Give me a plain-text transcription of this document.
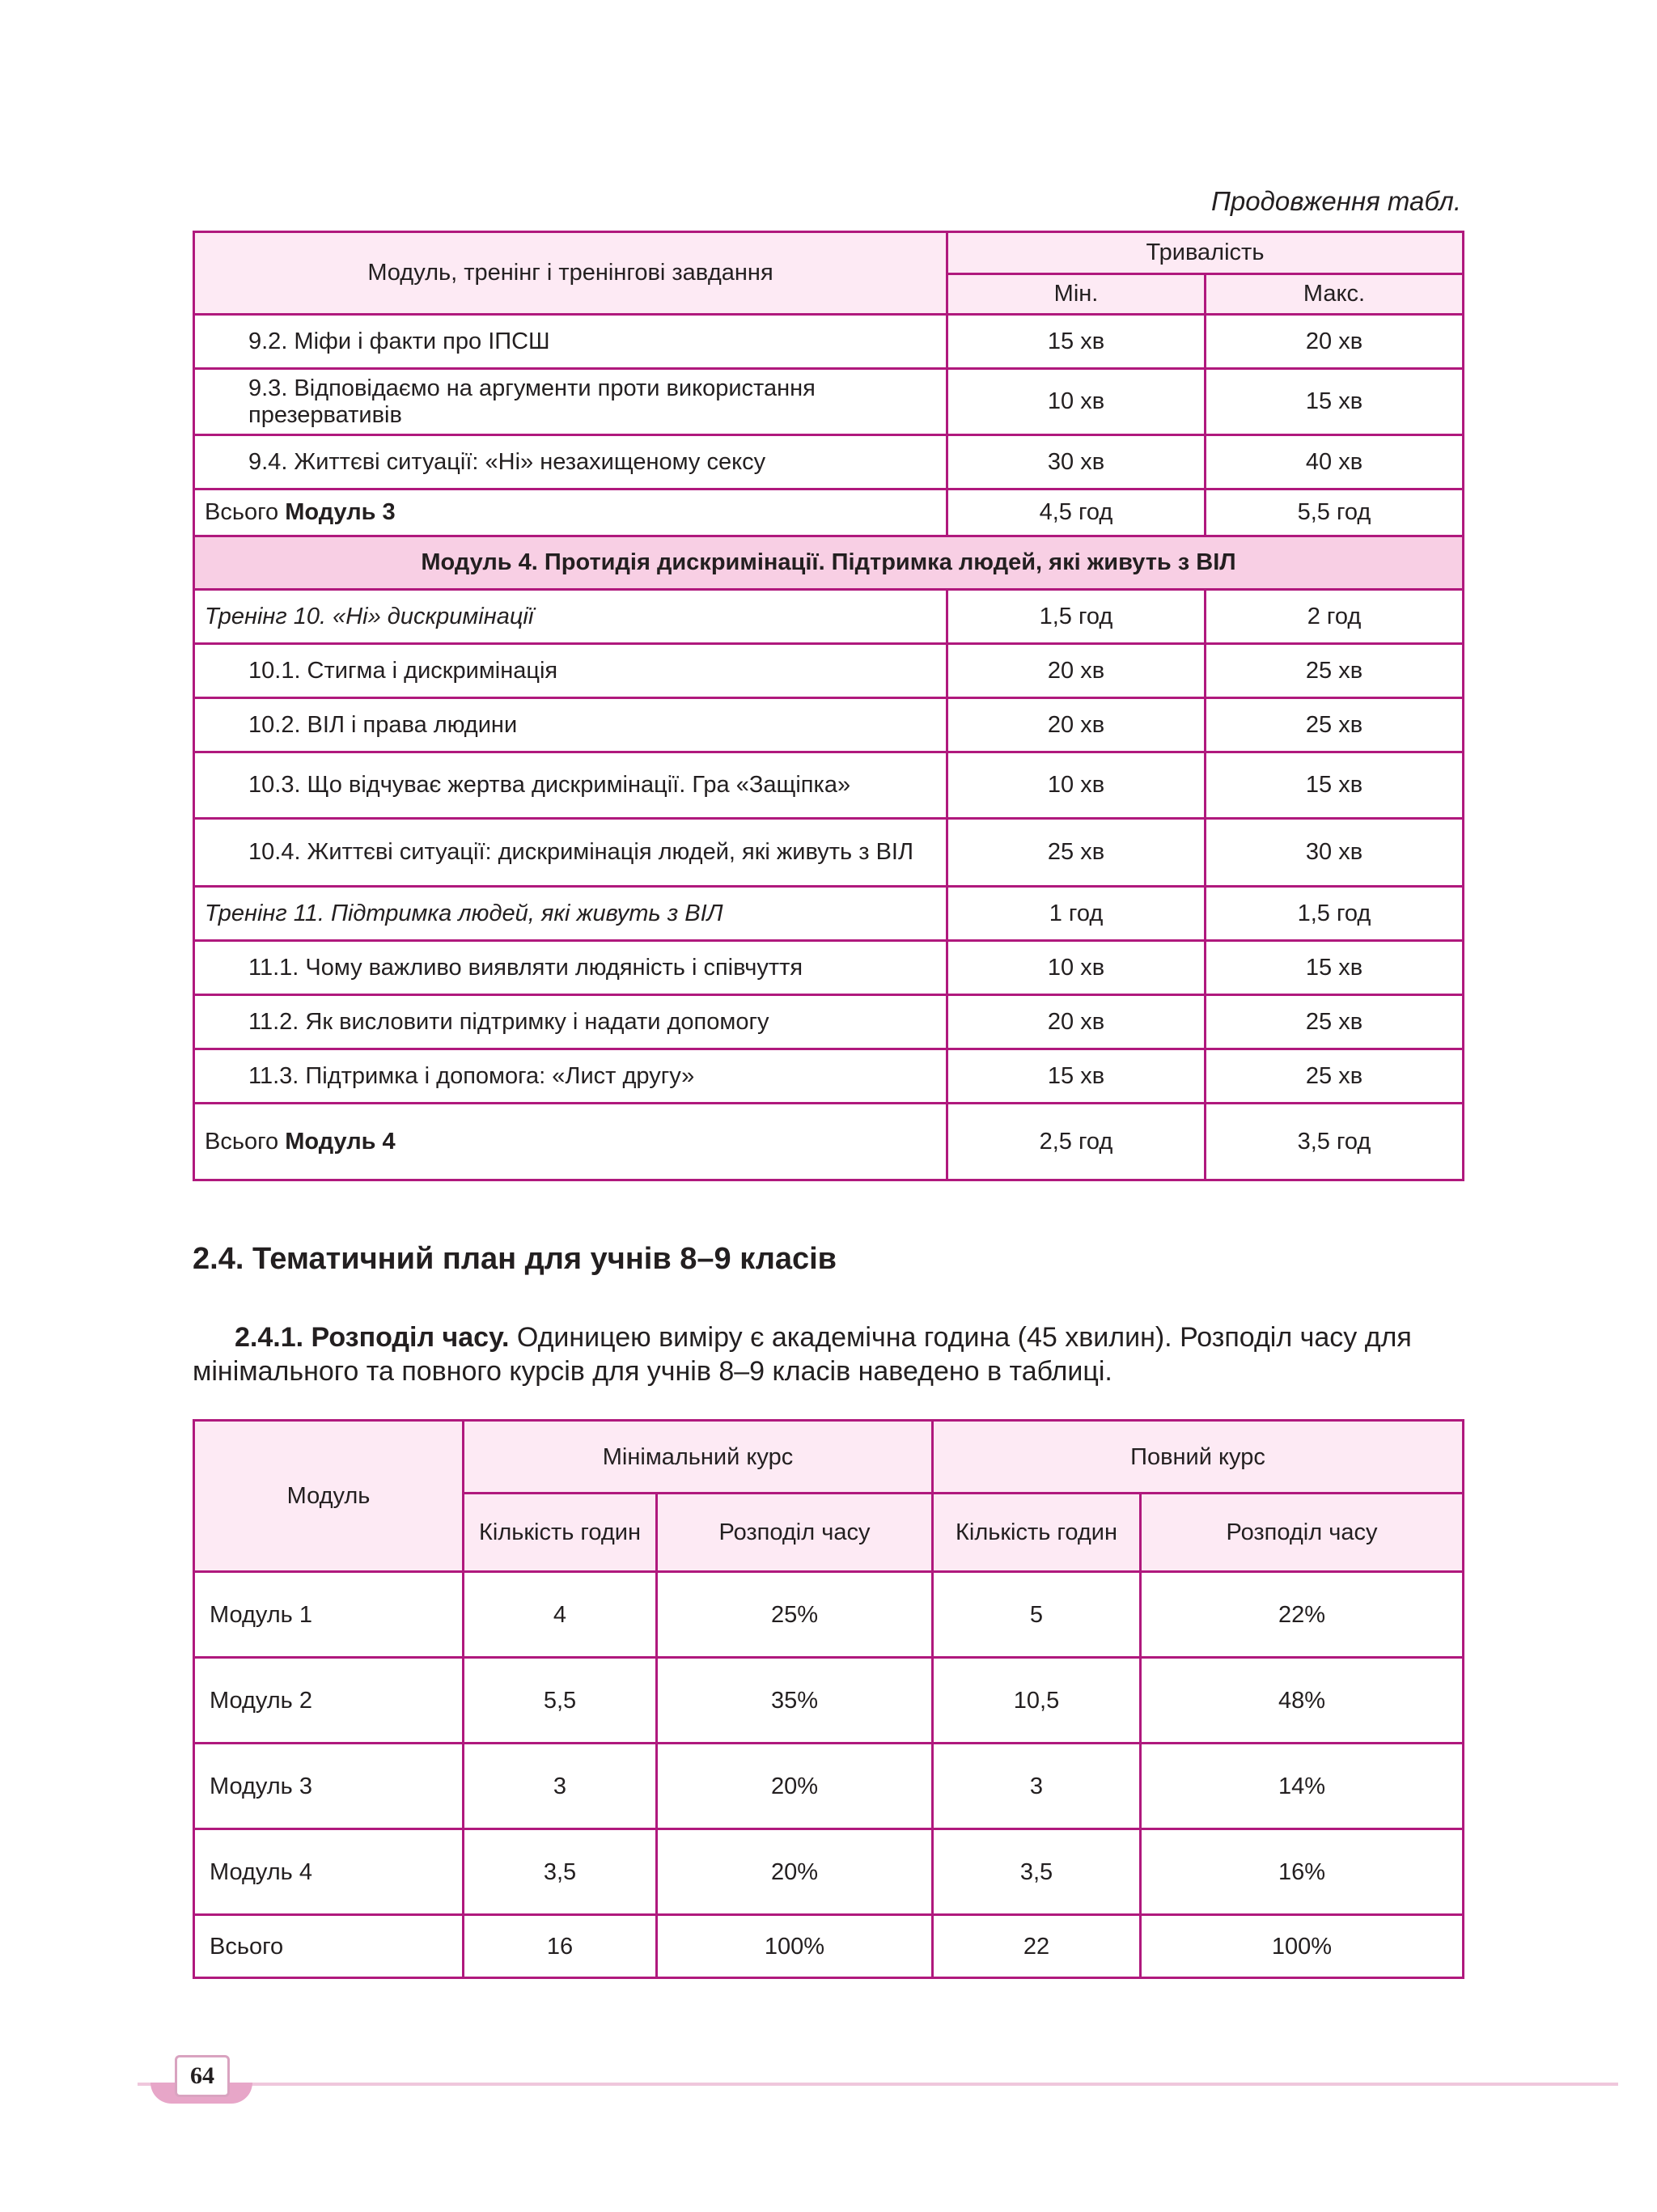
Продовження табл.
Модуль, тренінг і тренінгові завдання	Тривалість	
	Мін.	Макс.
9.2. Міфи і факти про ІПСШ	15 хв	20 хв
9.3. Відповідаємо на аргументи проти використання презервативів	10 хв	15 хв
9.4. Життєві ситуації: «Ні» незахищеному сексу	30 хв	40 хв
Всього Модуль 3	4,5 год	5,5 год
Модуль 4. Протидія дискримінації. Підтримка людей, які живуть з ВІЛ		
Тренінг 10. «Ні» дискримінації	1,5 год	2 год
10.1. Стигма і дискримінація	20 хв	25 хв
10.2. ВІЛ і права людини	20 хв	25 хв
10.3. Що відчуває жертва дискримінації. Гра «Защіпка»	10 хв	15 хв
10.4. Життєві ситуації: дискримінація людей, які живуть з ВІЛ	25 хв	30 хв
Тренінг 11. Підтримка людей, які живуть з ВІЛ	1 год	1,5 год
11.1. Чому важливо виявляти людяність і співчуття	10 хв	15 хв
11.2. Як висловити підтримку і надати допомогу	20 хв	25 хв
11.3. Підтримка і допомога: «Лист другу»	15 хв	25 хв
Всього Модуль 4	2,5 год	3,5 год
2.4. Тематичний план для учнів 8–9 класів

2.4.1. Розподіл часу. Одиницею виміру є академічна година (45 хвилин). Розподіл часу для мінімального та повного курсів для учнів 8–9 класів наведено в таблиці.

Модуль	Мінімальний курс		Повний курс	
	Кількість годин	Розподіл часу	Кількість годин	Розподіл часу
Модуль 1	4	25%	5	22%
Модуль 2	5,5	35%	10,5	48%
Модуль 3	3	20%	3	14%
Модуль 4	3,5	20%	3,5	16%
Всього	16	100%	22	100%
64
